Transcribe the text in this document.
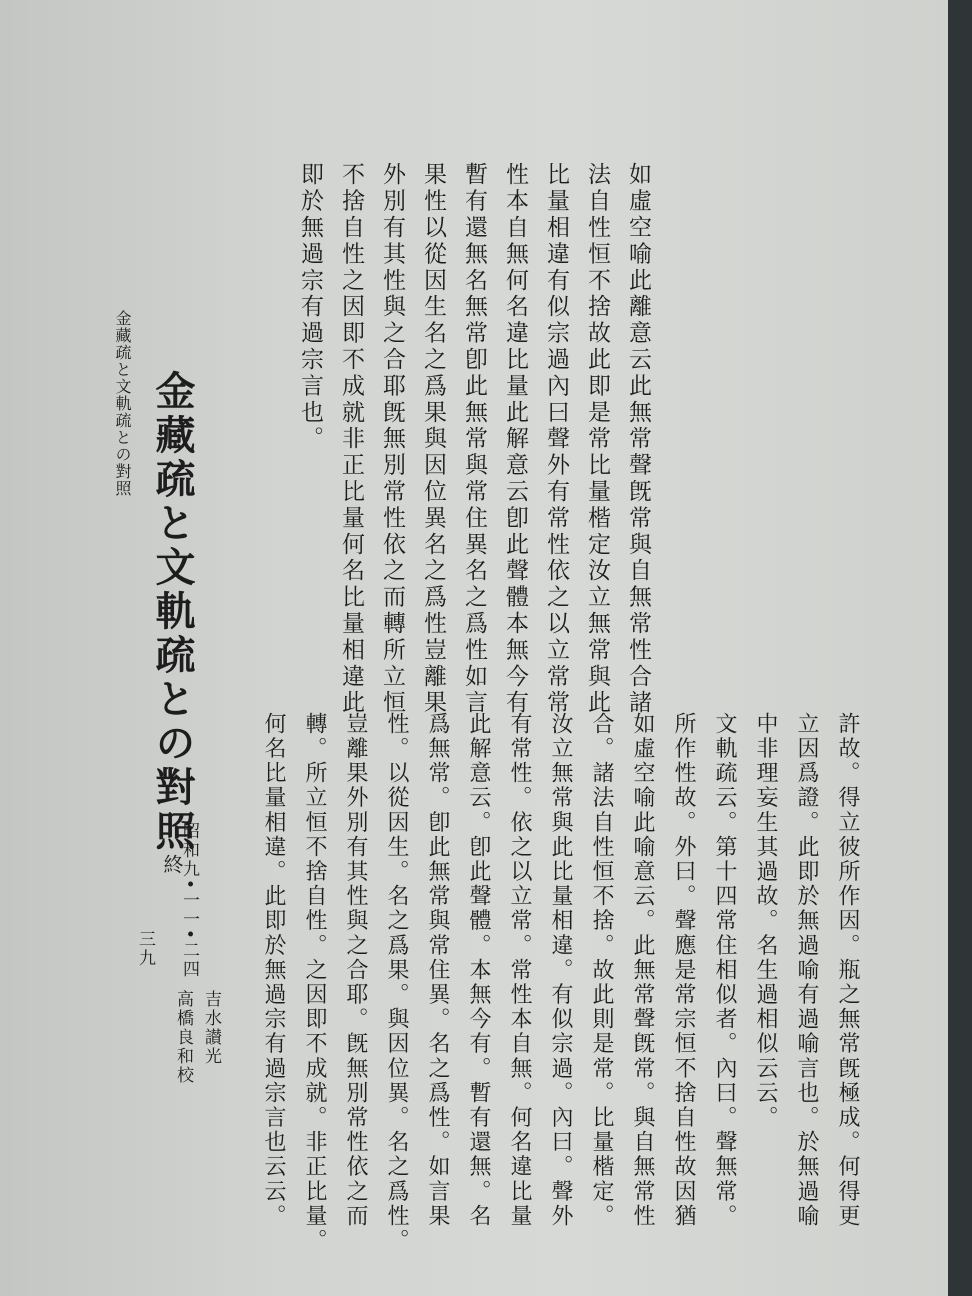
金藏疏と文軌疏との對照 金藏疏と文軌疏との對照終
即於無過宗有過宗言也。 不捨自性之因即不成就非正比量何名比量相違此 外別有其性與之合耶旣無別常性依之而轉所立恒 果性以從因生名之爲果與因位異名之爲性豈離果 暫有還無名無常卽此無常與常住異名之爲性如言 性本自無何名違比量此解意云卽此聲體本無今有 比量相違有似宗過內曰聲外有常性依之以立常常 法自性恒不捨故此即是常比量楷定汝立無常與此 如虛空喻此離意云此無常聲旣常與自無常性合諸
許故。得立彼所作因。瓶之無常旣極成。何得更
立因爲證。此即於無過喻有過喻言也。於無過喻
中非理妄生其過故。名生過相似云云。
文軌疏云。第十四常住相似者。內曰。聲無常。
所作性故。外曰。聲應是常宗恒不捨自性故因猶
如虛空喻此喻意云。此無常聲旣常。與自無常性
合。諸法自性恒不捨。故此則是常。比量楷定。
汝立無常與此比量相違。有似宗過。內曰。聲外
有常性。依之以立常。常性本自無。何名違比量
此解意云。卽此聲體。本無今有。暫有還無。名
爲無常。卽此無常與常住異。名之爲性。如言果
性。以從因生。名之爲果。與因位異。名之爲性。
豈離果外別有其性與之合耶。旣無別常性依之而
轉。所立恒不捨自性。之因即不成就。非正比量。
何名比量相違。此即於無過宗有過宗言也云云。
昭和九•一一•二四
吉水讃光
高橋良和校
三九
